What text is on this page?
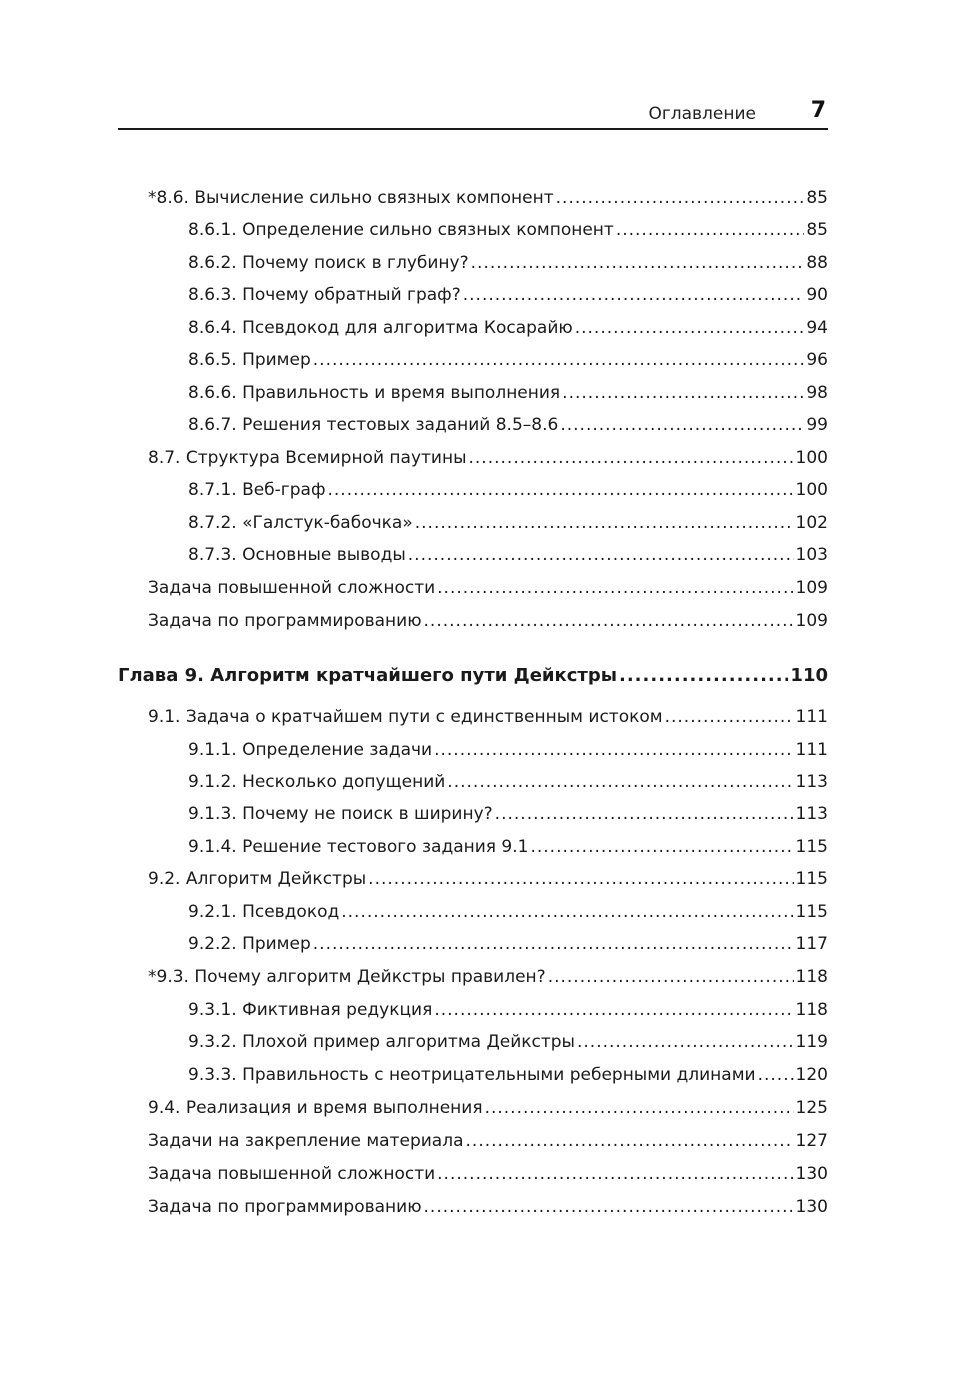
Оглавление 7
*8.6. Вычисление сильно связных компонент .....	85
8.6.1. Определение сильно связных компонент .....	85
8.6.2. Почему поиск в глубину? .....	88
8.6.3. Почему обратный граф? .....	90
8.6.4. Псевдокод для алгоритма Косарайю .....	94
8.6.5. Пример .....	96
8.6.6. Правильность и время выполнения .....	98
8.6.7. Решения тестовых заданий 8.5–8.6 .....	99
8.7. Структура Всемирной паутины .....	100
8.7.1. Веб-граф .....	100
8.7.2. «Галстук-бабочка» .....	102
8.7.3. Основные выводы .....	103
Задача повышенной сложности .....	109
Задача по программированию .....	109
Глава 9. Алгоритм кратчайшего пути Дейкстры .....	110
9.1. Задача о кратчайшем пути с единственным истоком .....	111
9.1.1. Определение задачи .....	111
9.1.2. Несколько допущений .....	113
9.1.3. Почему не поиск в ширину? .....	113
9.1.4. Решение тестового задания 9.1 .....	115
9.2. Алгоритм Дейкстры .....	115
9.2.1. Псевдокод .....	115
9.2.2. Пример .....	117
*9.3. Почему алгоритм Дейкстры правилен? .....	118
9.3.1. Фиктивная редукция .....	118
9.3.2. Плохой пример алгоритма Дейкстры .....	119
9.3.3. Правильность с неотрицательными реберными длинами ..... 120
9.4. Реализация и время выполнения .....	125
Задачи на закрепление материала .....	127
Задача повышенной сложности .....	130
Задача по программированию .....	130
